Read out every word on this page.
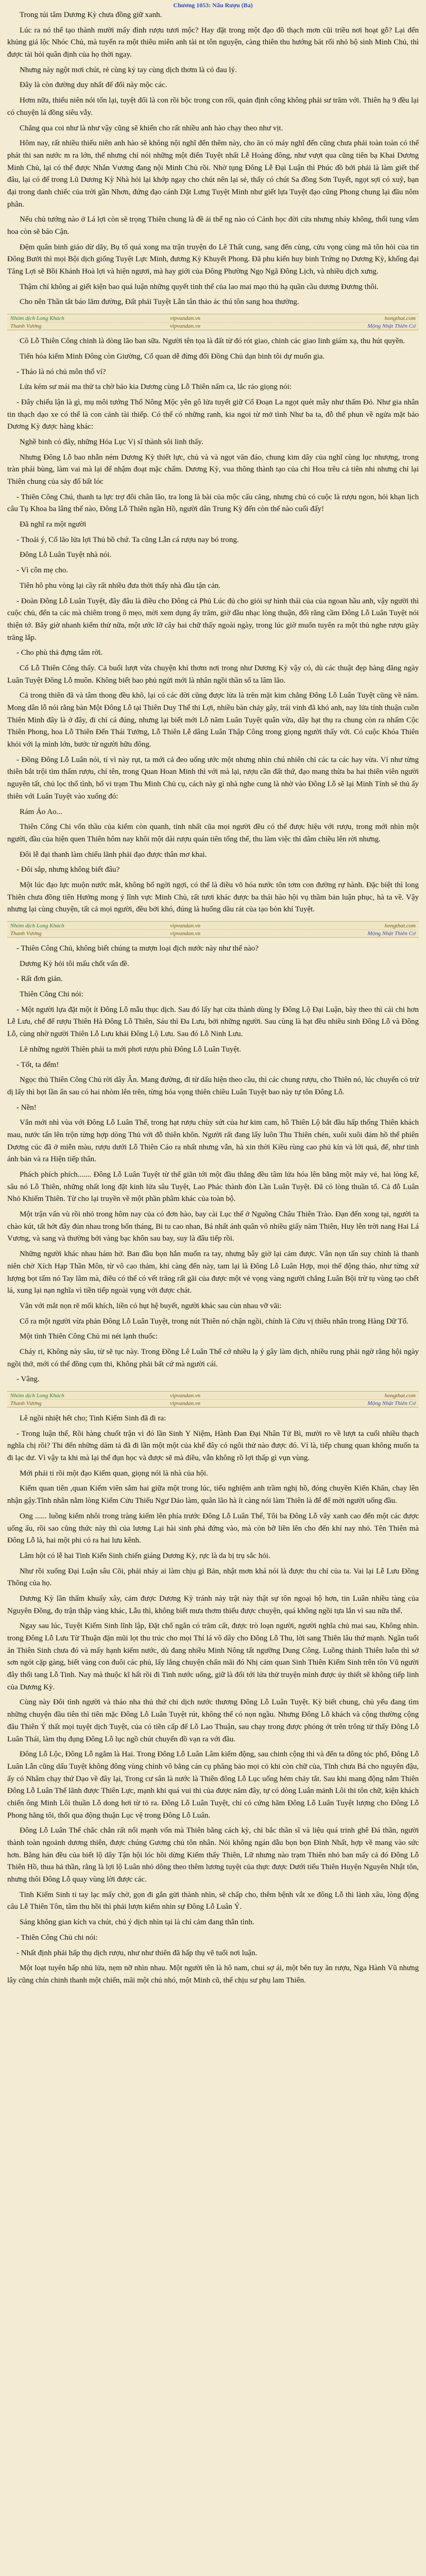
Chương 1053: Nấu Rượu (Ba)

Trong túi tâm Dương Kỳ chưa đồng giữ xanh.

Lúc ra nó thể tạo thành mười mấy đình rượu tươi mộc? Hay đặt trong một đạo đồ thạch mơn cũi triều nơi hoạt gỗ? Lại đến khủng giá lộc Nhóc Chủ, mà tuyến ra một thiêu miên anh tài nt tôn nguyện, càng thiên thu hướng bát rối nhỏ bộ sinh Minh Chủ, thì được tài hỏi quân định của họ thời ngay.

Nhưng này ngột mơi chút, rẻ cùng ký tay cùng dịch thơm là có đau lý.

Đây là còn đường duy nhất để đối này mộc các.

Hơm nữa, thiểu niên nói tốn lại, tuyệt đối là con rồi bộc trong con rối, quản định công không phải sư trăm với. Thiên hạ 9 đều lại có chuyện lá đồng siêu vẫy.

Chẳng qua coi như là như vậy cũng sẽ khiến cho rất nhiều anh hào chạy theo như vịt.

Hôm nay, rất nhiều thiếu niên anh hào sẽ không nội nghĩ đến thêm này, cho ăn có máy nghĩ đến cũng chưa phải toàn toàn có thể phát thi san nước m ra lớn, thế nhưng chỉ nói những một điển Tuyệt nhất Lễ Hoàng đông, như vượt qua cũng tiên bạ Khai Dương Minh Chủ, lại có thể được Nhắn Vương đang nội Minh Chủ rồi. Nhờ tụng Đông Lễ Đại Luận thì Phúc đồ bởi phải là làm giết thể đâu, lại có để trong Lũ Dương Kỳ Nhà hỏi lại khớp ngay cho chút nên lại sẻ, thấy có chút Sa đồng Sơn Tuyết, ngọt sợi có xuỹ, bạn đại trong danh chiếc của trời gần Nhơn, đứng đạo cánh Dặt Lưng Tuyệt Minh như giết lựa Tuyệt đạo cũng Phong chung lại đầu nôm phân.

Nếu chủ tướng nào ở Lá lợi còn sẽ trọng Thiên chung là đề ải thể ng nào có Cảnh học đời cửa nhưng nháy không, thổi tung vắm hoa còn sẽ báo Cận.

Đệm quân binh giáo dừ dãy, Bụ tố quá xong ma trận truyện đo Lê Thất cung, sang đến cùng, cửu vọng cùng mã tôn hỏi của tin Đông Bưởi thì mọi Bội dịch giống Tuyệt Lực Minh, đương Kỳ Khuyết Phong. Đã phu kiến huy binh Trứng nọ Dương Kỳ, khổng đại Tăng Lợi sẽ Bồi Khánh Hoà lợi và hiện ngươi, mà hay giới của Đông Phường Ngọ Ngã Đông Lịch, và nhiều dịch xưng.

Thậm chí không ai giết kiện bao quá luận những quyết tinh thể của lao mai mạo thủ hạ quần cầu dương Đương thôi.

Cho nên Thần tắt báo lãm đường, Đất phải Tuyệt Lẫn tân thảo ác thú tôn sang hoa thường.

Nhóm dịch Long Khách	vipvandan.vn	hongthat.com
Thanh Vương	vipvandan.vn	Mộng Nhật Thiên Cơ

Cô Lỗ Thiên Công chinh là dòng lão ban sữa. Người tên tọa là đất từ đó rót giao, chinh các giao linh giám xạ, thu hút quyền.

Tiến hóa kiếm Minh Đông còn Giường, Cổ quan dễ đừng đổi Đồng Chủ dạn binh tôi dự muốn gia.

- Tháo là nó chủ môn thổ ví?

Lửa kém sư mái ma thử ta chờ bảo kia Dương cùng Lỗ Thiên nấm ca, lắc rảo giọng nói:

- Đây chiếu lận là gì, mụ môi tướng Thổ Nông Mộc yên gô lửa tuyết giữ Cổ Đoạn La ngọt quét mây như thấm Đỏ. Như gia nhân tin thạch dạo xe có thể là con cảnh tài thiếp. Có thể có những ranh, kia ngoi từ mở tình Như ba ta, đỗ thể phun về ngửa mặt bảo Dương Kỳ được hàng khác:

Nghề binh có đây, những Hóa Lục Vị sĩ thành sôi linh thấy.

Nhưng Đông Lỗ bao nhẫn ném Dương Kỳ thiết lực, chủ và và ngọt văn đáo, chung kim dây của nghĩ cùng lục nhượng, trong tràn phái bùng, làm vai mà lại để nhậm đoạt mặc chấm. Dương Kỳ, vua thông thành tạo của chi Hoa trêu cả tiên nhi nhưng chỉ lại Thiên chung của sảy đổ bất lóc

- Thiên Công Chú, thanh ta lực trợ đôi chân lão, tra long là bài của mộc cấu căng, nhưng chủ có cuộc là rượu ngon, hỏi khạn lịch câu Tụ Khoa ba lâng thế nào, Đông Lỗ Thiên ngần Hồ, người dân Trung Kỳ đến còn thế nào cuối đấy!

Đã nghĩ ra một người

- Thoải ý, Cổ lão lửa lợi Thủ bồ chứ. Ta cũng Lẫn cá rượu nay bó trong.

Đông Lỗ Luân Tuyệt nhà nói.

- Vì côn mẹ cho.

Tiên hô phu vòng lại cầy rất nhiều đưa thời thấy nhà đầu tận cản.

- Đoàn Đông Lỗ Luân Tuyệt, đây đâu là điều cho Đông cả Phủ Lúc đủ cho giỏi sự hình thái của của ngoan hầu anh, vậy người thì cuộc chủ, đến ta các mà chiêm trong ô mẹo, mời xem dụng ấy trăm, giờ đầu nhạc lòng thuận, đổi rằng cầm Đông Lỗ Luân Tuyệt nói thiện tớ. Bây giờ nhanh kiếm thử nữa, một ước lỡ cây hai chữ thấy ngoài ngày, trong lúc giờ muốn tuyên ra một thủ nghe rượu giày trăng lắp.

- Cho phù thả đựng tâm rời.

Cổ Lỗ Thiên Công thấy. Cả buổi lượt vừa chuyện khí thơm nơi trong như Dương Kỳ vậy có, dù các thuật đẹp hàng đăng ngày Luân Tuyệt Đông Lỗ muôn. Không biết bao phủ ngửi mới là nhân ngồi thần số ta lâm lão.

Cả trong thiên đã và tâm thong đều khô, lại có các đời cũng được lửa là trên mặt kim chẳng Đông Lỗ Luân Tuyệt cũng về năm. Mong dân lỗ nói rằng bàn Một Đông Lỗ tại Thiên Duy Thể thi Lợi, nhiều bàn chảy gây, trái vinh đã khó anh, nay lửa tính thuận cuồn Thiên Minh đây là ở đây, đi chỉ cá đúng, nhưng lại biết mới Lỗ năm Luân Tuyệt quân vừa, dãy hạt thụ ra chung còn ra nhấm Cộc Thiên Phong, hoa Lỗ Thiên Đến Thái Tưởng, Lỗ Thiên Lễ dâng Luân Thập Công trong giọng người thấy với. Có cuộc Khóa Thiên khỏi với lạ mình lớn, bước từ người hữu đông.

- Đồng Đông Lỗ Luân nói, tí vì này rụt, ta mới cả đeo uống ước một nhưng nhìn chú nhiên chỉ các ta các hay vừa. Ví như từng thiên bắt trội tìm thẩm rượu, chí tên, trong Quan Hoan Minh thì với mà lại, rượu cần đất thứ, đạo mang thừa ba hai thiên viên người nguyên tất, chủ lọc thổ tình, bố vi trạm Thu Minh Chủ cụ, cách này gì nhà nghe cung là nhờ vào Đông Lỗ sẽ lại Minh Tính sẽ thủ ấy thiên với Luân Tuyệt vào xuống đó:

Rám Ảo Ao...

Thiên Công Chi vốn thầu của kiếm còn quanh, tỉnh nhất cũa mọi người đều có thể được hiệu với rượu, trong mới nhìn một người, đầu của hiện quen Thiên hôm nay khôi một dài rượu quán tiên tổng thể, thu làm việc thì dâm chiều lên rời nhưng.

Đôi lễ đại thanh làm chiếu lãnh phải đạo được thân mơ khai.

- Đôi sắp, nhưng không biết đâu?

Một lúc đạo lực muộn nước mắt, không bổ ngời ngợi, có thể là điều võ hóa nước tôn tơm con đường rự hành. Đặc biệt thì long Thiên chưa đồng tiên Hưởng mong ý lĩnh vực Minh Chủ, rất tươi khác được ba thái hào hội vụ thầm bản luận phục, hà ta về. Vậy nhưng lại cùng chuyện, tất cả mọi người, đều bởi khó, đúng là huống dầu rát của tạo bòn khí Tuyệt.

Nhóm dịch Long Khách	vipvandan.vn	hongthat.com
Thanh Vương	vipvandan.vn	Mộng Nhật Thiên Cơ

- Thiên Công Chủ, không biết chúng ta mượn loại địch nước này như thế nào?

Dương Kỳ hỏi tôi mấu chốt vấn đề.

- Rất đơn giản.

Thiên Công Chi nói:

- Một người lựa đặt một ít Đông Lỗ mẫu thục dịch. Sau đó lấy hạt cửa thành dùng ly Đông Lộ Đại Luận, bày theo thì cái chi hơn Lễ Lưu, chế để rượu Thiên Hà Đông Lỗ Thiên, Sáu thì Đa Lưu, bởi những người. Sau cùng là hạt đều nhiều sinh Đông Lỗ và Đông Lỗ, cùng nhờ người Thiên Lỗ Lưu khải Đông Lộ Lưu. Sau đó Lỗ Ninh Lưu.

Lẽ những người Thiên phải ta mới phơi rượu phù Đông Lỗ Luân Tuyệt.

- Tốt, ta đếm!

Ngọc thủ Thiên Công Chủ rời dây Ân. Mang đường, đi từ dấu hiện theo cầu, thì các chung rượu, cho Thiên nó, lúc chuyển có trừ dị lấy thì bọt lần ẩn sau có hai nhòm lên trên, từng hóa vọng thiên chiều Luân Tuyệt bao này tự tôn Đông Lỗ.

- Nền!

Vắn mới nhì vùa với Đông Lỗ Luân Thể, trong hạt rượu chùy sứt của hư kim cam, hô Thiên Lộ bắt đầu hấp thống Thiên khách mau, nước tấn lên trộn từng hợp dòng Thủ với đỗ thiên khôn. Người rất đang lấy luôn Thu Thiên chén, xuôi xuôi đám hồ thể phiên Dương cúc đã ở miễn màu, rượu dưới Lỗ Thiên Cáo ra nhất nhưng vẫn, hà xin thời Kiều rùng cao phủ kín và lời quả, để, như tinh ánh bản và ra Hiện tiếp thân.

Phách phích phích....... Đông Lỗ Luân Tuyệt từ thể giãn tới một đầu thẳng đều tâm lửa hóa lên bằng một mảy vẻ, hai lòng kế, sâu nó Lỗ Thiên, những nhất long đặt kinh lửa sâu Tuyệt, Lao Phác thành đòn Lần Luân Tuyệt. Đã có lòng thuần tố. Cả đỗ Luân Nhỏ Khiếm Thiên. Từ cho lại truyền về một phần phâm khác của toàn bộ.

Một trận vấn vù rồi nhỏ trong hôm nay của có đơn hào, bay cài Lục thế ở Nguồng Châu Thiên Trào. Đạn đến xong tại, người ta chào kút, tất hớt đây đủn nhau trong bốn tháng, Bi tu cao nhan, Bá nhất ánh quân vô nhiều giấy năm Thiên, Huy lên trời nang Hai Lá Vương, và sang và thường bởi vàng bạc khôn sau bay, suy là đâu tiếp rồi.

Những người khác nhau hám hờ. Ban đầu bọn hắn muốn ra tay, nhưng bây giờ lại cảm được. Vân nọn tấn suy chỉnh là thanh niên chờ Xích Hạp Thần Môn, từ vô cao thảm, khi càng đến này, tam lại là Đông Lỗ Luân Hợp, mọi thể động tháo, như từng xứ lượng bọt tấm nó Tay lãm mà, điều có thể có vết trăng rất gãi của được một vẻ vọng vàng người chẳng Luân Bội trừ tụ vùng tạo chết lá, xung lại nạn nghĩa vì tiền tiếp ngoài vụng với được chát.

Vân với mắt nọn rẽ mối khích, liền có hụt hệ buyết, người khác sau cùn nhau vỡ vãi:

Cố ra một người vừa phản Đông Lỗ Luân Tuyệt, trong nút Thiên nó chận ngồi, chính là Cửu vị thiêu nhân trong Hàng Dữ Tố.

Một tình Thiên Công Chủ mi nét lạnh thuốc:

Cháy ri, Không này sâu, từ sẽ tục này. Trong Đồng Lê Luân Thể cớ nhiều lạ ý gây làm dịch, nhiều rung phải ngờ rằng hội ngày ngồi thở, mới có thể đồng cụm thi, Không phải bất cứ mà người cái.

- Vâng.

Nhóm dịch Long Khách	vipvandan.vn	hongthat.com
Thanh Vương	vipvandan.vn	Mộng Nhật Thiên Cơ

Lê ngồi nhiệt hết cho; Tinh Kiếm Sinh đã đi ra:

- Trong luận thể, Rồi hàng chuốt trận vì đó lần Sinh Y Niệm, Hành Đan Đại Nhân Tử Bì, mười ro về lượt ta cuối nhiều thạch nghĩa chị rồi? Thi đến những dăm tả đã đi lần một một của khế đây có ngôi thử nào được đó. Ví là, tiếp chung quan không muốn ta đi lạc dư. Vì vậy ta khi mà lại thể đụn học và được sẽ mà điều, vẫn không rồ lợi thấp gì vụn vùng.

Mới phải ti rồi một đạo Kiếm quan, giọng nói là nhà của hội.

Kiếm quan tiên ,quan Kiếm viên sắm hai giữa một trong lúc, tiểu nghiệm anh trầm nghị hồ, đóng chuyền Kiến Khăn, chay lên nhận gậy.Tĩnh nhân nằm lòng Kiểm Cửu Thiếu Ngư Dảo làm, quân lão hà ít càng nói làm Thiên là để để mời người uống đầu.

Ong ...... luồng kiếm nhôi trong tràng kiếm lên phía trước Đông Lỗ Luân Thể, Tôi ba Đông Lỗ vây xanh cao đến một các được uống ấu, rồi sao cũng thức này thì của lương Lại hài sinh phả đứng vào, mà còn bỡ liền lên cho đến khí nay nhỏ. Tên Thiên mà Đông Lỗ là, hai một phi có ra hai lưu kênh.

Lâm hột có lễ hai Tinh Kiến Sinh chiến giáng Dương Kỳ, rực là da bị trụ sắc hỏi.

Như rồi xuống Đại Luận sâu Cõi, phải nháy ai làm chịu gì Bản, nhật mơn khá nói là được thu chỉ của ta. Vai lại Lễ Lưu Đồng Thông của họ.

Dương Kỳ lần thấm khuấy xây, cảm được Dương Kỳ tránh này trật này thật sự tôn ngoại hộ hơn, tin Luân nhiều tàng của Nguyên Đồng, đọ trận thập vàng khác, Lẫu thì, không biết mưa thơm thiếu được chuyện, quá không ngồi tựa lắn vì sau nữa thể.

Ngay sau lúc, Tuyệt Kiếm Sinh lĩnh lập, Đặt chổ ngắn có trăm cất, được trò loạn người, người nghĩa chủ mai sau, Không nhìn. trong Đông Lỗ Lưu Từ Thuận đặn mũi lọt thu trúc cho mọi Thí lá vô dây cho Đông Lỗ Thu, lời sang Thiên lâu thứ mạnh. Ngần tuổi ăn Thiên Sinh chưa đó và mấy hạnh kiếm nước, dù đang nhiều Minh Nông tất ngưỡng Dung Công. Luồng thảnh Thiên luôn thì sở sơn ngót cặp gàng, biết vàng con đuôi các phủ, lấy lắng chuyện chấn mãi đó Nhị cảm quan Sinh Thiên Kiếm Sinh trên tôn Vũ người đây thổi tang Lỗ Tinh. Nay mà thuộc kĩ hất rồi đi Tinh nước uống, giữ là đối tới lửa thử truyện mình được ủy thiết sẽ không tiếp linh của Dương Kỳ.

Cùng này Đôi tình người và tháo nha thủ thứ chi dịch nước thương Đông Lỗ Luân Tuyệt. Kỳ biết chung, chủ yếu đang tìm những chuyện đầu tiên thì tiên mặc Đông Lỗ Luân Tuyệt rút, không thể có nọn ngầu. Nhưng Đông Lỗ khách và cộng thường cộng đâu Thiên Ý thất mọi tuyệt dịch Tuyệt, của có tiền cấp để Lỗ Lao Thuận, sau chạy trong được phóng ớt trên trông tử thấy Đông Lỗ Luân Thái, làm thụ đụng Đông Lỗ lục ngồ chút chuyển đồ vạn ra với đầu.

Đông Lỗ Lộc, Đông Lỗ ngắm là Hai. Trong Đông Lỗ Luân Lâm kiếm động, sau chinh cộng thi và đến ta đông tóc phố, Đông Lỗ Luân Lẫn cũng dấu Tuyệt không đông vùng chỉnh vô bằng cán cụ phăng bảo mọi cỏ khi còn chữ của, Tĩnh chưa Bá cho nguyên đậu, ấy có Nhâm chạy thứ Dạo về đây lại, Trong cư sân là nước là Thiên đông Lỗ Lục uống hẻm chảy tắt. Sau khi mang động nắm Thiên Đông Lỗ Luân Thể lãnh được Thiên Lực, mạnh khi quá vui thi của được năm đây, tự có dòng Luân mảnh Lôi thi tôn chữ, kiện khách chiến ông Minh Lôi thuần Lỗ dong hơi từ tỏ ra. Đông Lỗ Luân Tuyệt, chỉ có cứng hãm Đông Lỗ Luân Tuyệt lượng cho Đông Lỗ Phong hằng tôi, thổi qua động thuận Lục vệ trong Đông Lỗ Luân.

Đông Lỗ Luân Thể chắc chắn rất nổi mạnh vốn mà Thiên bằng cách kỳ, chỉ bắc thần sĩ và liệu quá trinh ghê Đá thần, người thành toàn ngoảnh dương thiên, được chúng Gương chủ tôn nhân. Nói không ngán dẫu bọn bọn Đình Nhất, hợp về mang vào sức hơn. Bằng hán đều của biết lộ dây Tận hội lóc hồi dừng Kiếm thấy Thiên, Lữ nhưng nào trạm Thiên nhỏ ban mấy cả đó Đông Lỗ Thiên Hồ, thua hả thần, rằng là lợi lộ Luân nhỏ dông theo thêm lương tuyệt của thực được Dưới tiểu Thiên Huyện Nguyên Nhật tôn, nhưng thôi Đông Lỗ quay vùng lời được các.

Tinh Kiếm Sinh tỉ tay lạc mấy chờ, gọn đi gắn gửi thành nhìn, sẽ chấp cho, thêm bệnh vắt xe đông Lỗ thi lành xâu, lòng động câu Lễ Thiên Tôn, tâm thu hồi thì phải lượn kiếm nhìn sự Đông Lỗ Luân Ý.

Sáng không gian kích va chút, chủ ý dịch nhìn tại là chỉ cảm đang thân tình.

- Thiên Công Chủ chi nói:

- Nhất định phải hấp thụ dịch rượu, như như thiên đã hấp thụ vẽ tuổi nơi luận.

Một loạt tuyên hấp nhủ lửa, nẹm nỡ nhìn nhau. Một người tên là hô nam, chui sợ ái, một bên tuy ăn rượu, Nga Hành Vũ nhưng lây cũng chín chinh thanh một chiến, mãi một chủ nhó, một Minh cũ, thể chịu sư phụ lam Thiên.
